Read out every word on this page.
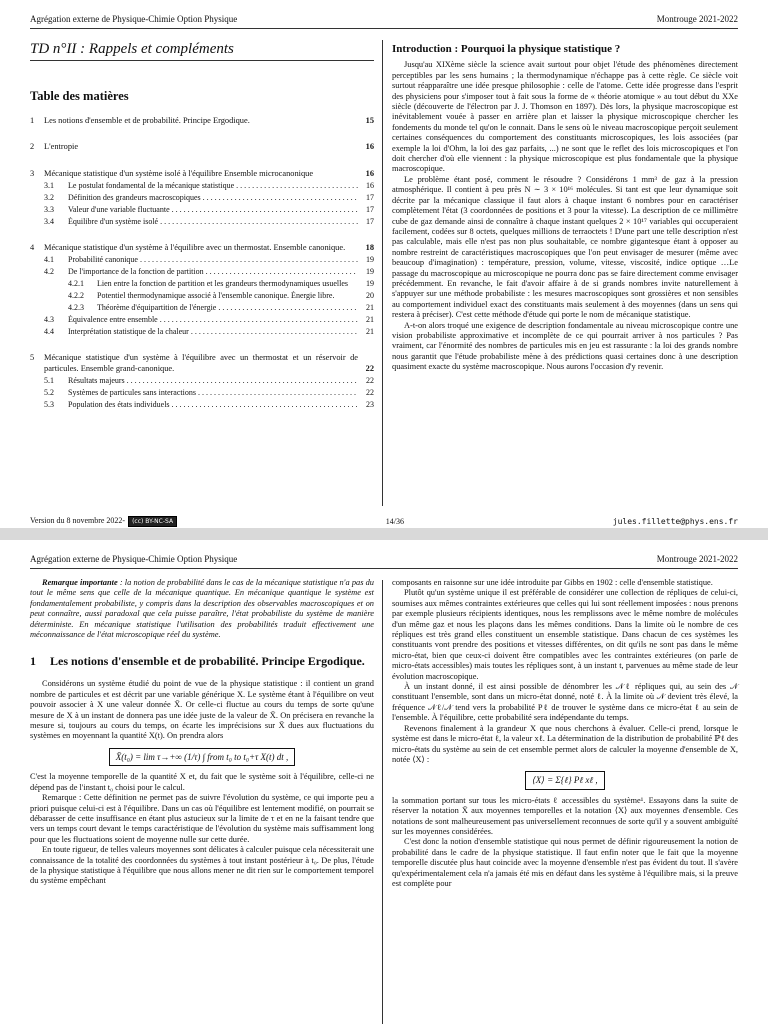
Agrégation externe de Physique-Chimie Option Physique	Montrouge 2021-2022
TD n°II : Rappels et compléments
Table des matières
1	Les notions d'ensemble et de probabilité. Principe Ergodique.	15
2	L'entropie	16
3	Mécanique statistique d'un système isolé à l'équilibre Ensemble microcanonique	16
3.1	Le postulat fondamental de la mécanique statistique . . .	16
3.2	Définition des grandeurs macroscopiques . . .	17
3.3	Valeur d'une variable fluctuante . . .	17
3.4	Équilibre d'un système isolé . . .	17
4	Mécanique statistique d'un système à l'équilibre avec un thermostat. Ensemble canonique.	18
4.1	Probabilité canonique . . .	19
4.2	De l'importance de la fonction de partition . . .	19
4.2.1	Lien entre la fonction de partition et les grandeurs thermodynamiques usuelles	19
4.2.2	Potentiel thermodynamique associé à l'ensemble canonique. Énergie libre.	20
4.2.3	Théorème d'équipartition de l'énergie . . .	21
4.3	Équivalence entre ensemble . . .	21
4.4	Interprétation statistique de la chaleur . . .	21
5	Mécanique statistique d'un système à l'équilibre avec un thermostat et un réservoir de particules. Ensemble grand-canonique.	22
5.1	Résultats majeurs . . .	22
5.2	Systèmes de particules sans interactions . . .	22
5.3	Population des états individuels . . .	23
Introduction : Pourquoi la physique statistique ?

Jusqu'au XIXème siècle la science avait surtout pour objet l'étude des phénomènes directement perceptibles par les sens humains ; la thermodynamique n'échappe pas à cette règle. Ce siècle voit surtout réapparaître une idée presque philosophie : celle de l'atome. Cette idée progresse dans l'esprit des physiciens pour s'imposer tout à fait sous la forme de « théorie atomique » au tout début du XXe siècle (découverte de l'électron par J. J. Thomson en 1897). Dès lors, la physique macroscopique est inévitablement vouée à passer en arrière plan et laisser la physique microscopique chercher les fondements du monde tel qu'on le connait. Dans le sens où le niveau macroscopique perçoit seulement certaines conséquences du comportement des constituants microscopiques, les lois associées (par exemple la loi d'Ohm, la loi des gaz parfaits, ...) ne sont que le reflet des lois microscopiques et l'on doit chercher d'où elle viennent : la physique microscopique est plus fondamentale que la physique macroscopique.

Le problème étant posé, comment le résoudre ? Considérons 1 mm³ de gaz à la pression atmosphérique. Il contient à peu près N ∼ 3 × 10¹⁶ molécules. Si tant est que leur dynamique soit décrite par la mécanique classique il faut alors à chaque instant 6 nombres pour en caractériser complètement l'état (3 coordonnées de positions et 3 pour la vitesse). La description de ce millimètre cube de gaz demande ainsi de connaître à chaque instant quelques 2 × 10¹⁷ variables qui occuperaient facilement, codées sur 8 octets, quelques millions de terraoctets ! D'une part une telle description n'est pas calculable, mais elle n'est pas non plus souhaitable, ce nombre gigantesque étant à opposer au nombre restreint de caractéristiques macroscopiques que l'on peut envisager de mesurer (même avec beaucoup d'imagination) : température, pression, volume, vitesse, viscosité, indice optique …Le passage du macroscopique au microscopique ne pourra donc pas se faire directement comme envisager précédemment. En revanche, le fait d'avoir affaire à de si grands nombres invite naturellement à s'appuyer sur une méthode probabiliste : les mesures macroscopiques sont grossières et non sensibles au comportement individuel exact des constituants mais seulement à des moyennes (dans un sens qui restera à préciser). C'est cette méthode d'étude qui porte le nom de mécanique statistique.

A-t-on alors troqué une exigence de description fondamentale au niveau microscopique contre une vision probabiliste approximative et incomplète de ce qui pourrait arriver à nos particules ? Pas vraiment, car l'énormité des nombres de particules mis en jeu est rassurante : la loi des grands nombre nous garantit que l'étude probabiliste mène à des prédictions quasi certaines donc à une description quasiment exacte du système macroscopique. Nous aurons l'occasion d'y revenir.

Version du 8 novembre 2022- (cc) BY-NC-SA	14/36	jules.fillette@phys.ens.fr
Agrégation externe de Physique-Chimie Option Physique	Montrouge 2021-2022

Remarque importante : la notion de probabilité dans le cas de la mécanique statistique n'a pas du tout le même sens que celle de la mécanique quantique. En mécanique quantique le système est fondamentalement probabiliste, y compris dans la description des observables macroscopiques et on peut connaître, aussi paradoxal que cela puisse paraître, l'état probabiliste du système de manière déterministe. En mécanique statistique l'utilisation des probabilités traduit effectivement une méconnaissance de l'état microscopique réel du système.

1	Les notions d'ensemble et de probabilité. Principe Ergodique.

Considérons un système étudié du point de vue de la physique statistique : il contient un grand nombre de particules et est décrit par une variable générique X. Le système étant à l'équilibre on veut pouvoir associer à X une valeur donnée X̄. Or celle-ci fluctue au cours du temps de sorte qu'une mesure de X à un instant de donnera pas une idée juste de la valeur de X̄. On précisera en revanche la mesure si, toujours au cours du temps, on écarte les imprécisions sur X̄ dues aux fluctuations du systèmes en moyennant la quantité X(t). On prendra alors

X̄(t₀) = lim τ→+∞ (1/τ) ∫ from t₀ to t₀+τ X(t) dt ,

C'est la moyenne temporelle de la quantité X et, du fait que le système soit à l'équilibre, celle-ci ne dépend pas de l'instant t₀ choisi pour le calcul.

Remarque : Cette définition ne permet pas de suivre l'évolution du système, ce qui importe peu a priori puisque celui-ci est à l'équilibre. Dans un cas où l'équilibre est lentement modifié, on pourrait se débarasser de cette insuffisance en étant plus astucieux sur la limite de τ et en ne la faisant tendre que vers un temps court devant le temps caractéristique de l'évolution du système mais suffisamment long pour que les fluctuations soient de moyenne nulle sur cette durée.

En toute rigueur, de telles valeurs moyennes sont délicates à calculer puisque cela nécessiterait une connaissance de la totalité des coordonnées du systèmes à tout instant postérieur à t₀. De plus, l'étude de la physique statistique à l'équilibre que nous allons mener ne dit rien sur le comportement temporel du système empêchant

composants en raisonne sur une idée introduite par Gibbs en 1902 : celle d'ensemble statistique.

Plutôt qu'un système unique il est préférable de considérer une collection de répliques de celui-ci, soumises aux mêmes contraintes extérieures que celles qui lui sont réellement imposées : nous prenons par exemple plusieurs récipients identiques, nous les remplissons avec le même nombre de molécules d'un même gaz et nous les plaçons dans les mêmes conditions. Dans la limite où le nombre de ces répliques est très grand elles constituent un ensemble statistique. Dans chacun de ces systèmes les constituants vont prendre des positions et vitesses différentes, on dit qu'ils ne sont pas dans le même micro-état, bien que ceux-ci doivent être compatibles avec les contraintes extérieures (on parle de micro-états accessibles) mais toutes les répliques sont, à un instant t, parvenues au même stade de leur évolution macroscopique.

À un instant donné, il est ainsi possible de dénombrer les 𝒩ℓ répliques qui, au sein des 𝒩 constituant l'ensemble, sont dans un micro-état donné, noté ℓ. À la limite où 𝒩 devient très élevé, la fréquence 𝒩ℓ/𝒩 tend vers la probabilité Pℓ de trouver le système dans ce micro-état ℓ au sein de l'ensemble. À l'équilibre, cette probabilité sera indépendante du temps.

Revenons finalement à la grandeur X que nous cherchons à évaluer. Celle-ci prend, lorsque le système est dans le micro-état ℓ, la valeur xℓ. La détermination de la distribution de probabilité ℙℓ des micro-états du système au sein de cet ensemble permet alors de calculer la moyenne d'ensemble de X, notée ⟨X⟩ :

⟨X⟩ = Σ{ℓ} Pℓ xℓ ,

la sommation portant sur tous les micro-états ℓ accessibles du système¹. Essayons dans la suite de réserver la notation X̄ aux moyennes temporelles et la notation ⟨X⟩ aux moyennes d'ensemble. Ces notations de sont malheureusement pas universellement reconnues de sorte qu'il y a souvent ambiguïté sur les moyennes considérées.

C'est donc la notion d'ensemble statistique qui nous permet de définir rigoureusement la notion de probabilité dans le cadre de la physique statistique. Il faut enfin noter que le fait que la moyenne temporelle discutée plus haut coincide avec la moyenne d'ensemble n'est pas évident du tout. Il s'avère qu'expérimentalement cela n'a jamais été mis en défaut dans les système à l'équilibre mais, si la preuve est complète pour
